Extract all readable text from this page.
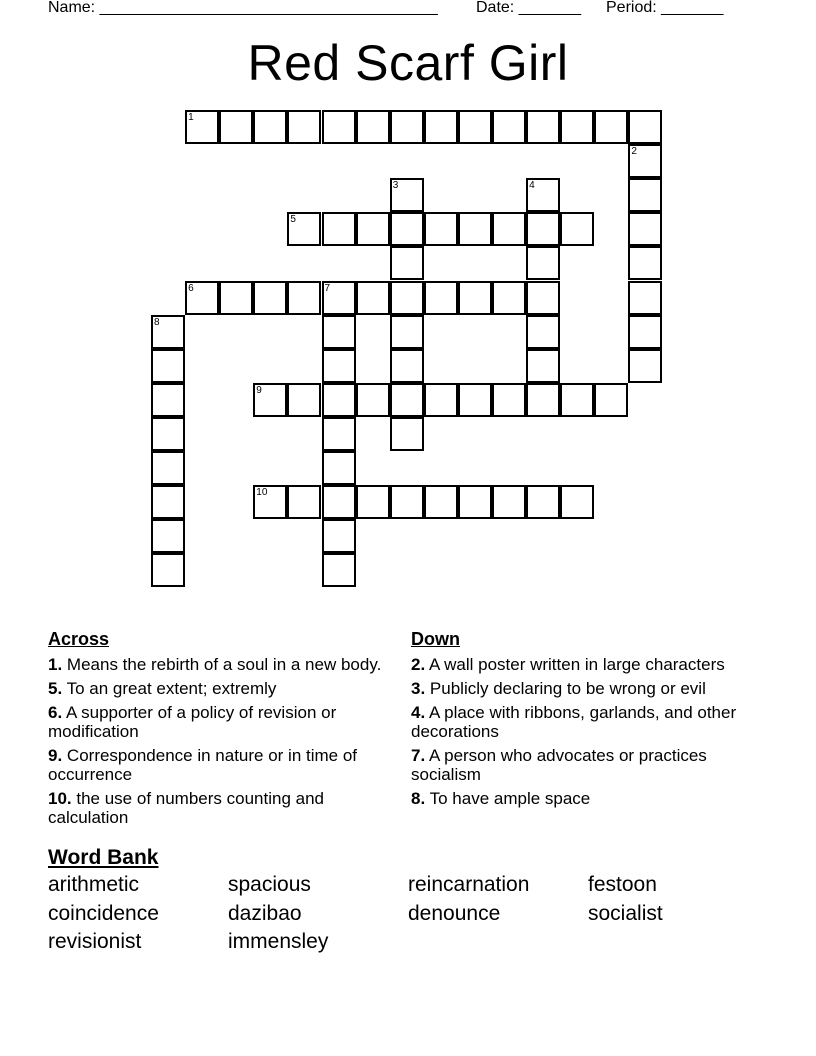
Name: ______________________________________ Date: _______ Period: _______
Red Scarf Girl
1
2
3	4
5
6	7
8
9
10
Across
1. Means the rebirth of a soul in a new body.
5. To an great extent; extremly
6. A supporter of a policy of revision or modification
9. Correspondence in nature or in time of occurrence
10. the use of numbers counting and calculation
Down
2. A wall poster written in large characters
3. Publicly declaring to be wrong or evil
4. A place with ribbons, garlands, and other decorations
7. A person who advocates or practices socialism
8. To have ample space
Word Bank
arithmetic	spacious	reincarnation	festoon
coincidence	dazibao	denounce	socialist
revisionist	immensley
